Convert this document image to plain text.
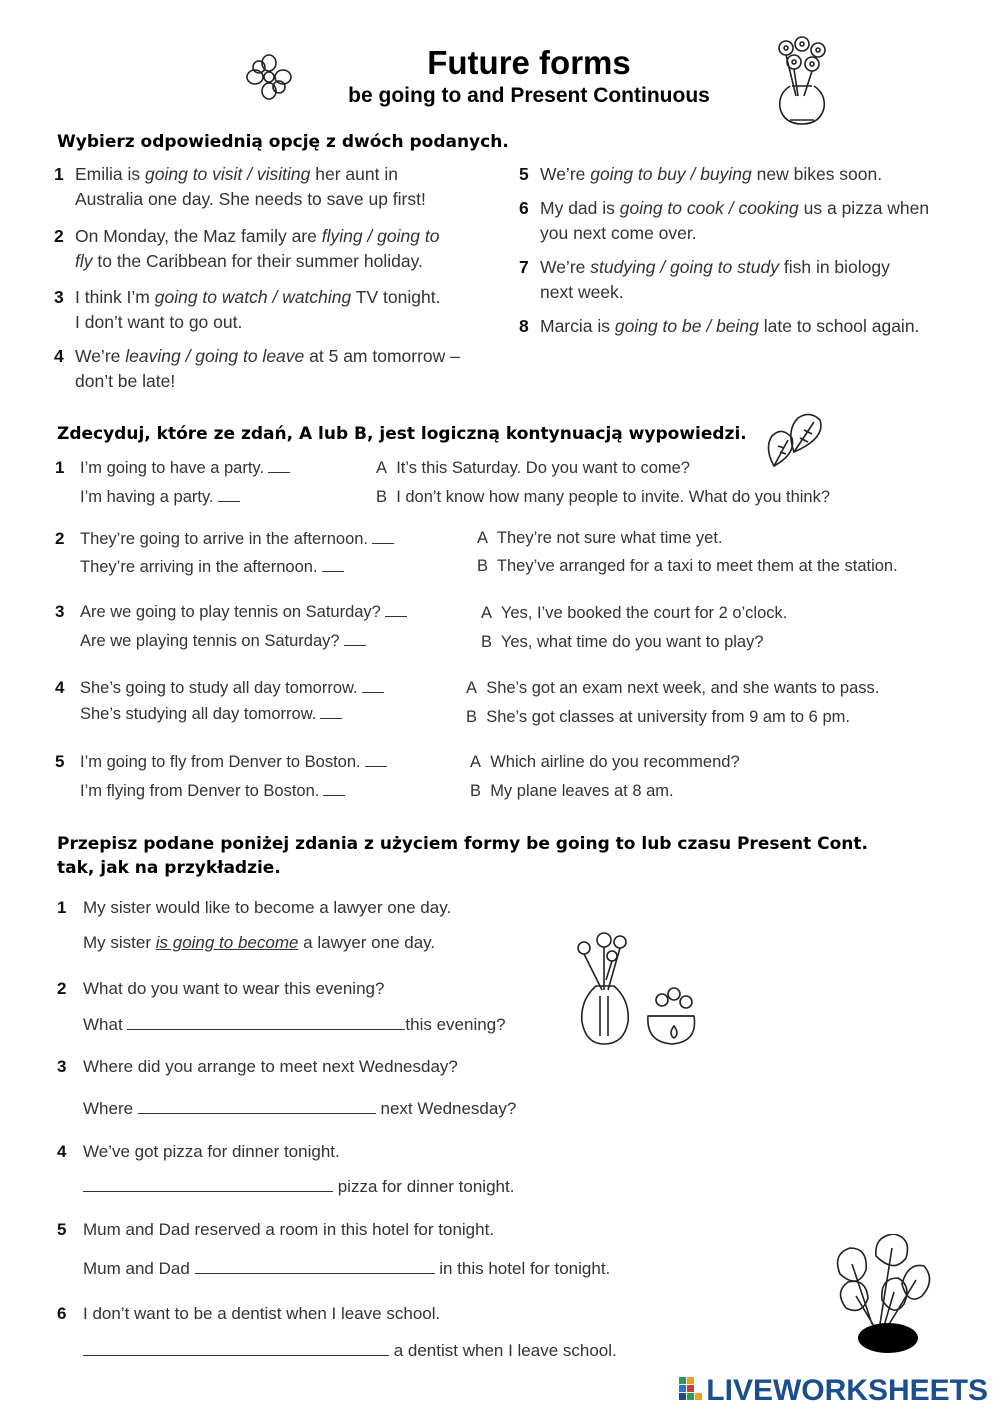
Future forms
be going to and Present Continuous
Wybierz odpowiednią opcję z dwóch podanych.
1 Emilia is going to visit / visiting her aunt in
Australia one day. She needs to save up first!
2 On Monday, the Maz family are flying / going to
fly to the Caribbean for their summer holiday.
3 I think I’m going to watch / watching TV tonight.
I don’t want to go out.
4 We’re leaving / going to leave at 5 am tomorrow –
don’t be late!
5 We’re going to buy / buying new bikes soon.
6 My dad is going to cook / cooking us a pizza when
you next come over.
7 We’re studying / going to study fish in biology
next week.
8 Marcia is going to be / being late to school again.
Zdecyduj, które ze zdań, A lub B, jest logiczną kontynuacją wypowiedzi.
1 I’m going to have a party.
I’m having a party.
A It’s this Saturday. Do you want to come?
B I don’t know how many people to invite. What do you think?
2 They’re going to arrive in the afternoon.
They’re arriving in the afternoon.
A They’re not sure what time yet.
B They’ve arranged for a taxi to meet them at the station.
3 Are we going to play tennis on Saturday?
Are we playing tennis on Saturday?
A Yes, I’ve booked the court for 2 o’clock.
B Yes, what time do you want to play?
4 She’s going to study all day tomorrow.
She’s studying all day tomorrow.
A She’s got an exam next week, and she wants to pass.
B She’s got classes at university from 9 am to 6 pm.
5 I’m going to fly from Denver to Boston.
I’m flying from Denver to Boston.
A Which airline do you recommend?
B My plane leaves at 8 am.
Przepisz podane poniżej zdania z użyciem formy be going to lub czasu Present Cont.
tak, jak na przykładzie.
1 My sister would like to become a lawyer one day.
My sister is going to become a lawyer one day.
2 What do you want to wear this evening?
What	this evening?
3 Where did you arrange to meet next Wednesday?
Where	next Wednesday?
4 We’ve got pizza for dinner tonight.
pizza for dinner tonight.
5 Mum and Dad reserved a room in this hotel for tonight.
Mum and Dad	in this hotel for tonight.
6 I don’t want to be a dentist when I leave school.
a dentist when I leave school.
LIVEWORKSHEETS
